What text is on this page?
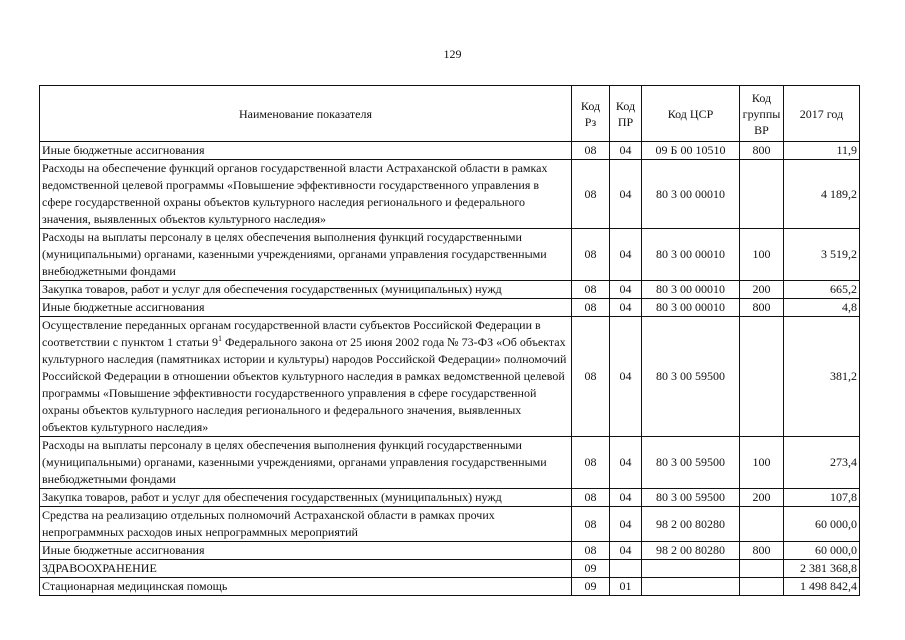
129
Наименование показателя	Код Рз	Код ПР	Код ЦСР	Код группы ВР	2017 год
Иные бюджетные ассигнования	08	04	09 Б 00 10510	800	11,9
Расходы на обеспечение функций органов государственной власти Астраханской области в рамках ведомственной целевой программы «Повышение эффективности государственного управления в сфере государственной охраны объектов культурного наследия регионального и федерального значения, выявленных объектов культурного наследия»	08	04	80 3 00 00010		4 189,2
Расходы на выплаты персоналу в целях обеспечения выполнения функций государственными (муниципальными) органами, казенными учреждениями, органами управления государственными внебюджетными фондами	08	04	80 3 00 00010	100	3 519,2
Закупка товаров, работ и услуг для обеспечения государственных (муниципальных) нужд	08	04	80 3 00 00010	200	665,2
Иные бюджетные ассигнования	08	04	80 3 00 00010	800	4,8
Осуществление переданных органам государственной власти субъектов Российской Федерации в соответствии с пунктом 1 статьи $9^1$ Федерального закона от 25 июня 2002 года № 73-ФЗ «Об объектах культурного наследия (памятниках истории и культуры) народов Российской Федерации» полномочий Российской Федерации в отношении объектов культурного наследия в рамках ведомственной целевой программы «Повышение эффективности государственного управления в сфере государственной охраны объектов культурного наследия регионального и федерального значения, выявленных объектов культурного наследия»	08	04	80 3 00 59500		381,2
Расходы на выплаты персоналу в целях обеспечения выполнения функций государственными (муниципальными) органами, казенными учреждениями, органами управления государственными внебюджетными фондами	08	04	80 3 00 59500	100	273,4
Закупка товаров, работ и услуг для обеспечения государственных (муниципальных) нужд	08	04	80 3 00 59500	200	107,8
Средства на реализацию отдельных полномочий Астраханской области в рамках прочих непрограммных расходов иных непрограммных мероприятий	08	04	98 2 00 80280		60 000,0
Иные бюджетные ассигнования	08	04	98 2 00 80280	800	60 000,0
ЗДРАВООХРАНЕНИЕ	09				2 381 368,8
Стационарная медицинская помощь	09	01			1 498 842,4
